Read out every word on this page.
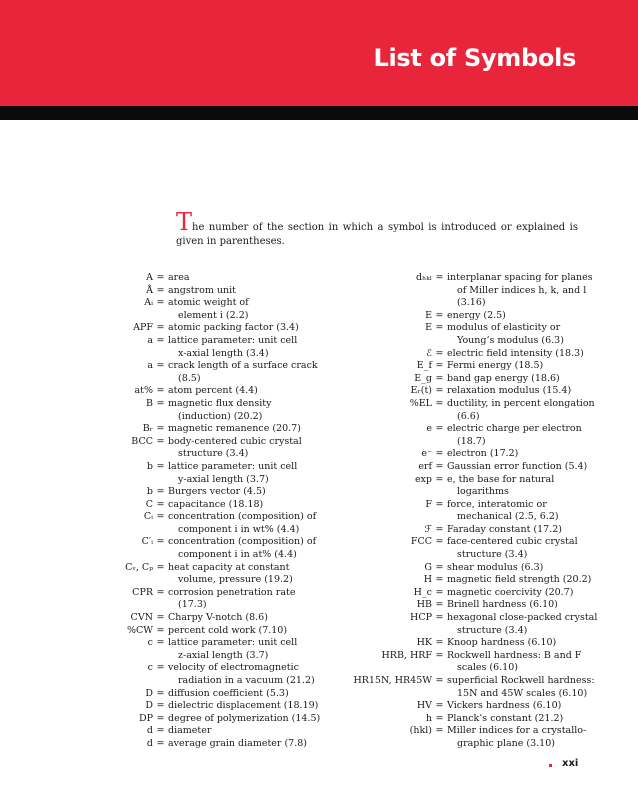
List of Symbols
The number of the section in which a symbol is introduced or explained is given in parentheses.
A = area
Å = angstrom unit
Aᵢ = atomic weight of
element i (2.2)
APF = atomic packing factor (3.4)
a = lattice parameter: unit cell
x-axial length (3.4)
a = crack length of a surface crack
(8.5)
at% = atom percent (4.4)
B = magnetic flux density
(induction) (20.2)
Bᵣ = magnetic remanence (20.7)
BCC = body-centered cubic crystal
structure (3.4)
b = lattice parameter: unit cell
y-axial length (3.7)
b = Burgers vector (4.5)
C = capacitance (18.18)
Cᵢ = concentration (composition) of
component i in wt% (4.4)
C′ᵢ = concentration (composition) of
component i in at% (4.4)
Cᵥ, Cₚ = heat capacity at constant
volume, pressure (19.2)
CPR = corrosion penetration rate
(17.3)
CVN = Charpy V-notch (8.6)
%CW = percent cold work (7.10)
c = lattice parameter: unit cell
z-axial length (3.7)
c = velocity of electromagnetic
radiation in a vacuum (21.2)
D = diffusion coefficient (5.3)
D = dielectric displacement (18.19)
DP = degree of polymerization (14.5)
d = diameter
d = average grain diameter (7.8)
dₕₖₗ = interplanar spacing for planes
of Miller indices h, k, and l
(3.16)
E = energy (2.5)
E = modulus of elasticity or
Young’s modulus (6.3)
ℰ = electric field intensity (18.3)
E_f = Fermi energy (18.5)
E_g = band gap energy (18.6)
Eᵣ(t) = relaxation modulus (15.4)
%EL = ductility, in percent elongation
(6.6)
e = electric charge per electron
(18.7)
e⁻ = electron (17.2)
erf = Gaussian error function (5.4)
exp = e, the base for natural
logarithms
F = force, interatomic or
mechanical (2.5, 6.2)
ℱ = Faraday constant (17.2)
FCC = face-centered cubic crystal
structure (3.4)
G = shear modulus (6.3)
H = magnetic field strength (20.2)
H_c = magnetic coercivity (20.7)
HB = Brinell hardness (6.10)
HCP = hexagonal close-packed crystal
structure (3.4)
HK = Knoop hardness (6.10)
HRB, HRF = Rockwell hardness: B and F
scales (6.10)
HR15N, HR45W = superficial Rockwell hardness:
15N and 45W scales (6.10)
HV = Vickers hardness (6.10)
h = Planck’s constant (21.2)
(hkl) = Miller indices for a crystallo-
graphic plane (3.10)
xxi
